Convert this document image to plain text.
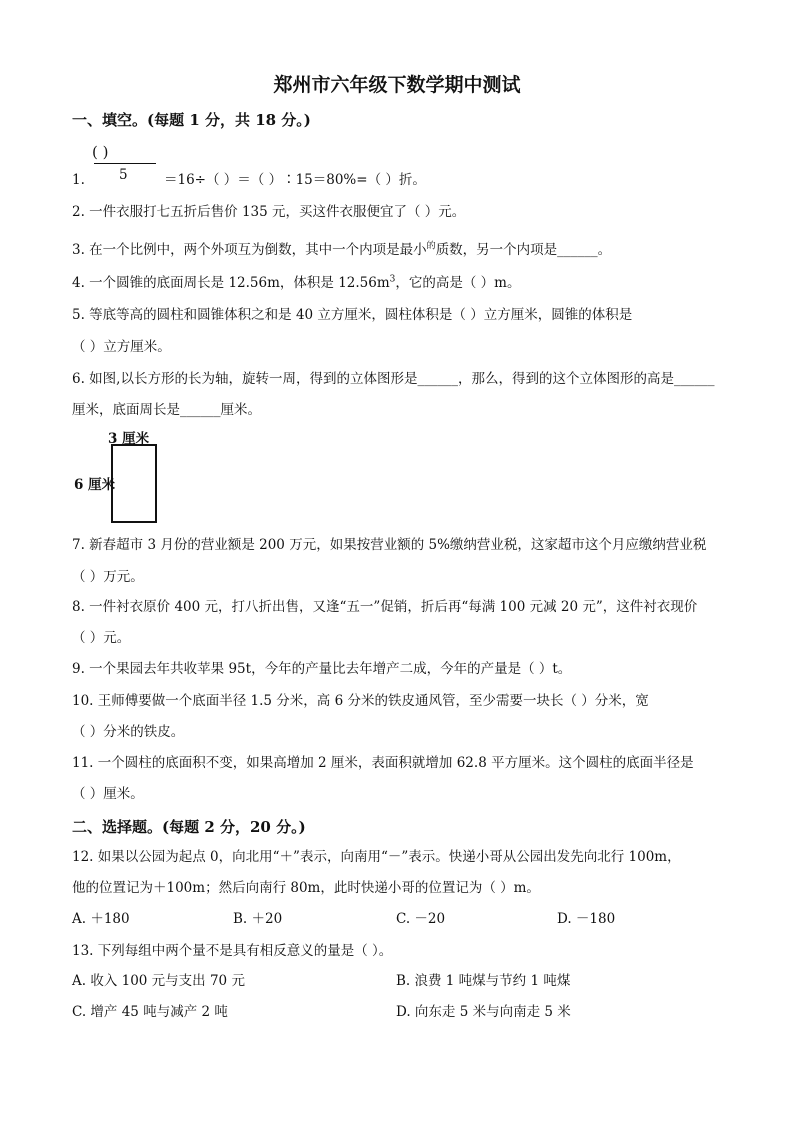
郑州市六年级下数学期中测试
一、填空。(每题 1 分，共 18 分。)
( )
5
1.	＝16÷（ ）＝（ ）∶15＝80%=（ ）折。
2. 一件衣服打七五折后售价 135 元，买这件衣服便宜了（ ）元。
3. 在一个比例中，两个外项互为倒数，其中一个内项是最小$^的$质数，另一个内项是______。
4. 一个圆锥的底面周长是 12.56m，体积是 $12.56m^3$，它的高是（ ）m。
5. 等底等高的圆柱和圆锥体积之和是 40 立方厘米，圆柱体积是（ ）立方厘米，圆锥的体积是
（ ）立方厘米。
6. 如图,以长方形的长为轴，旋转一周，得到的立体图形是______，那么，得到的这个立体图形的高是______
厘米，底面周长是______厘米。
3 厘米
6 厘米
7. 新春超市 3 月份的营业额是 200 万元，如果按营业额的 5%缴纳营业税，这家超市这个月应缴纳营业税
（ ）万元。
8. 一件衬衣原价 400 元，打八折出售，又逢“五一”促销，折后再“每满 100 元减 20 元”，这件衬衣现价
（ ）元。
9. 一个果园去年共收苹果 95t，今年的产量比去年增产二成，今年的产量是（ ）t。
10. 王师傅要做一个底面半径 1.5 分米，高 6 分米的铁皮通风管，至少需要一块长（ ）分米，宽
（ ）分米的铁皮。
11. 一个圆柱的底面积不变，如果高增加 2 厘米，表面积就增加 62.8 平方厘米。这个圆柱的底面半径是
（ ）厘米。
二、选择题。(每题 2 分，20 分。)
12. 如果以公园为起点 0，向北用“＋”表示，向南用“－”表示。快递小哥从公园出发先向北行 100m，
他的位置记为＋100m；然后向南行 80m，此时快递小哥的位置记为（ ）m。
A. ＋180	B. ＋20	C. －20	D. －180
13. 下列每组中两个量不是具有相反意义的量是（ ）。
A. 收入 100 元与支出 70 元	B. 浪费 1 吨煤与节约 1 吨煤
C. 增产 45 吨与减产 2 吨	D. 向东走 5 米与向南走 5 米
